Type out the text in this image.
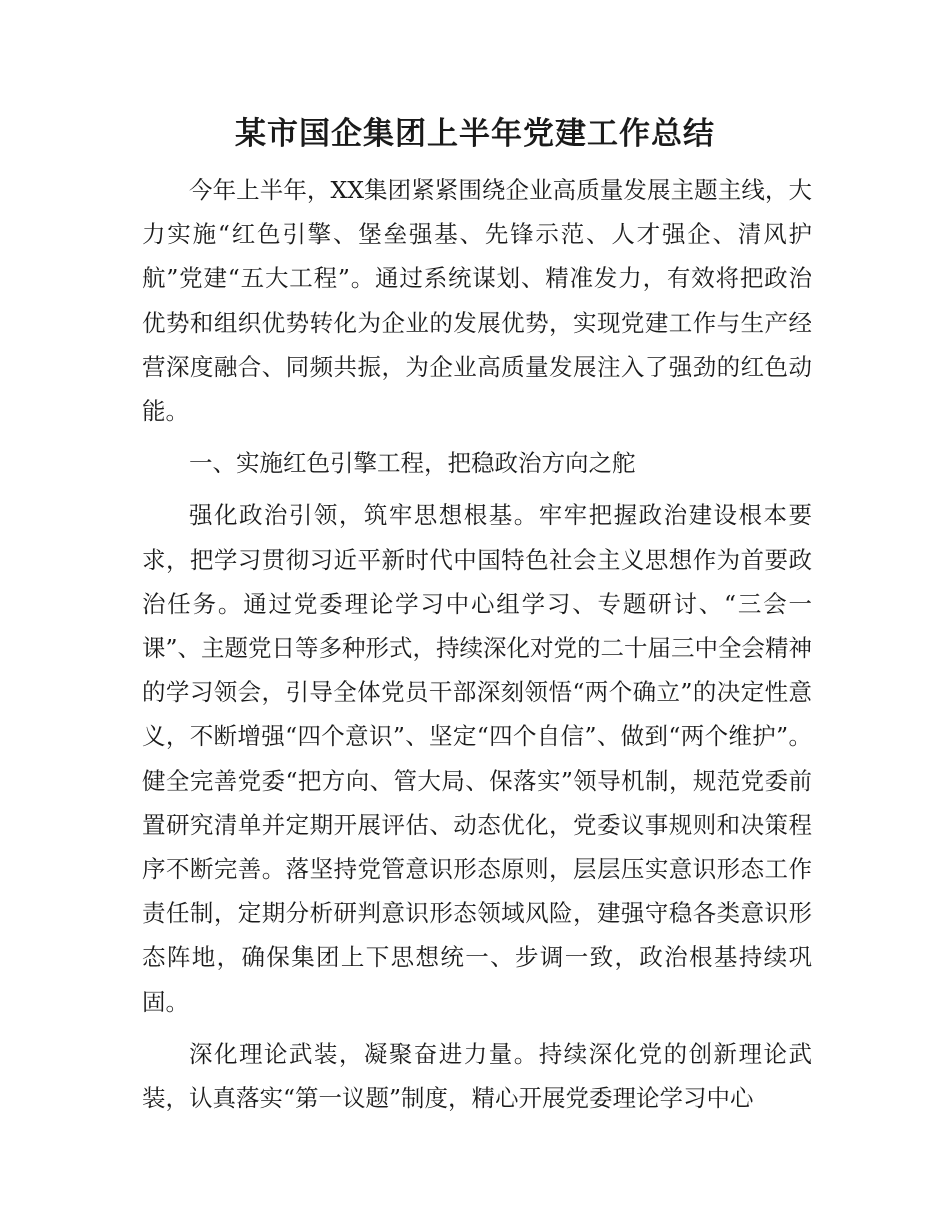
某市国企集团上半年党建工作总结

今年上半年，XX集团紧紧围绕企业高质量发展主题主线，大力实施“红色引擎、堡垒强基、先锋示范、人才强企、清风护航”党建“五大工程”。通过系统谋划、精准发力，有效将把政治优势和组织优势转化为企业的发展优势，实现党建工作与生产经营深度融合、同频共振，为企业高质量发展注入了强劲的红色动能。

一、实施红色引擎工程，把稳政治方向之舵

强化政治引领，筑牢思想根基。牢牢把握政治建设根本要求，把学习贯彻习近平新时代中国特色社会主义思想作为首要政治任务。通过党委理论学习中心组学习、专题研讨、“三会一课”、主题党日等多种形式，持续深化对党的二十届三中全会精神的学习领会，引导全体党员干部深刻领悟“两个确立”的决定性意义，不断增强“四个意识”、坚定“四个自信”、做到“两个维护”。健全完善党委“把方向、管大局、保落实”领导机制，规范党委前置研究清单并定期开展评估、动态优化，党委议事规则和决策程序不断完善。落坚持党管意识形态原则，层层压实意识形态工作责任制，定期分析研判意识形态领域风险，建强守稳各类意识形态阵地，确保集团上下思想统一、步调一致，政治根基持续巩固。

深化理论武装，凝聚奋进力量。持续深化党的创新理论武装，认真落实“第一议题”制度，精心开展党委理论学习中心
